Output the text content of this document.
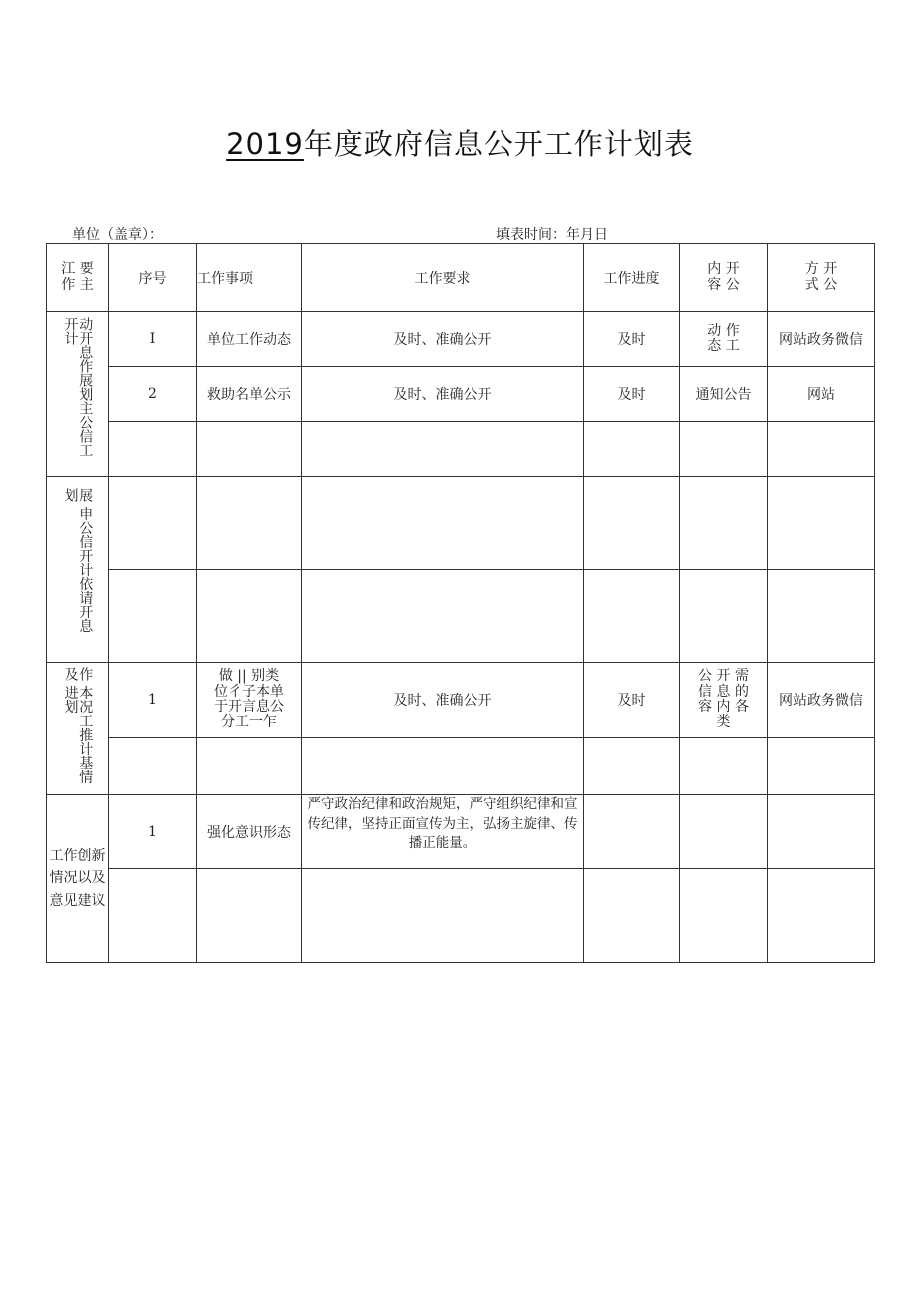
2019年度政府信息公开工作计划表
单位（盖章）：	填表时间：年月日
江 要 作 主	序号	工作事项	工作要求	工作进度	内 开 容 公	方 开 式 公
动开息作展划主公信工开计	I	单位工作动态	及时、准确公开	及时	动 作 态 工	网站政务微信
	2	救助名单公示	及时、准确公开	及时	通知公告	网站

展 申公信开计依请开息 划						

作 本况工推计基情及 进划	1	做 || 别类 位彳子本单 于开言息公 分工一乍	及时、准确公开	及时	公 开 需 信 息 的 容 内 各 类	网站政务微信

工作创新情况以及意见建议	1	强化意识形态	严守政治纪律和政治规矩，严守组织纪律和宣传纪律，坚持正面宣传为主，弘扬主旋律、传播正能量。			
